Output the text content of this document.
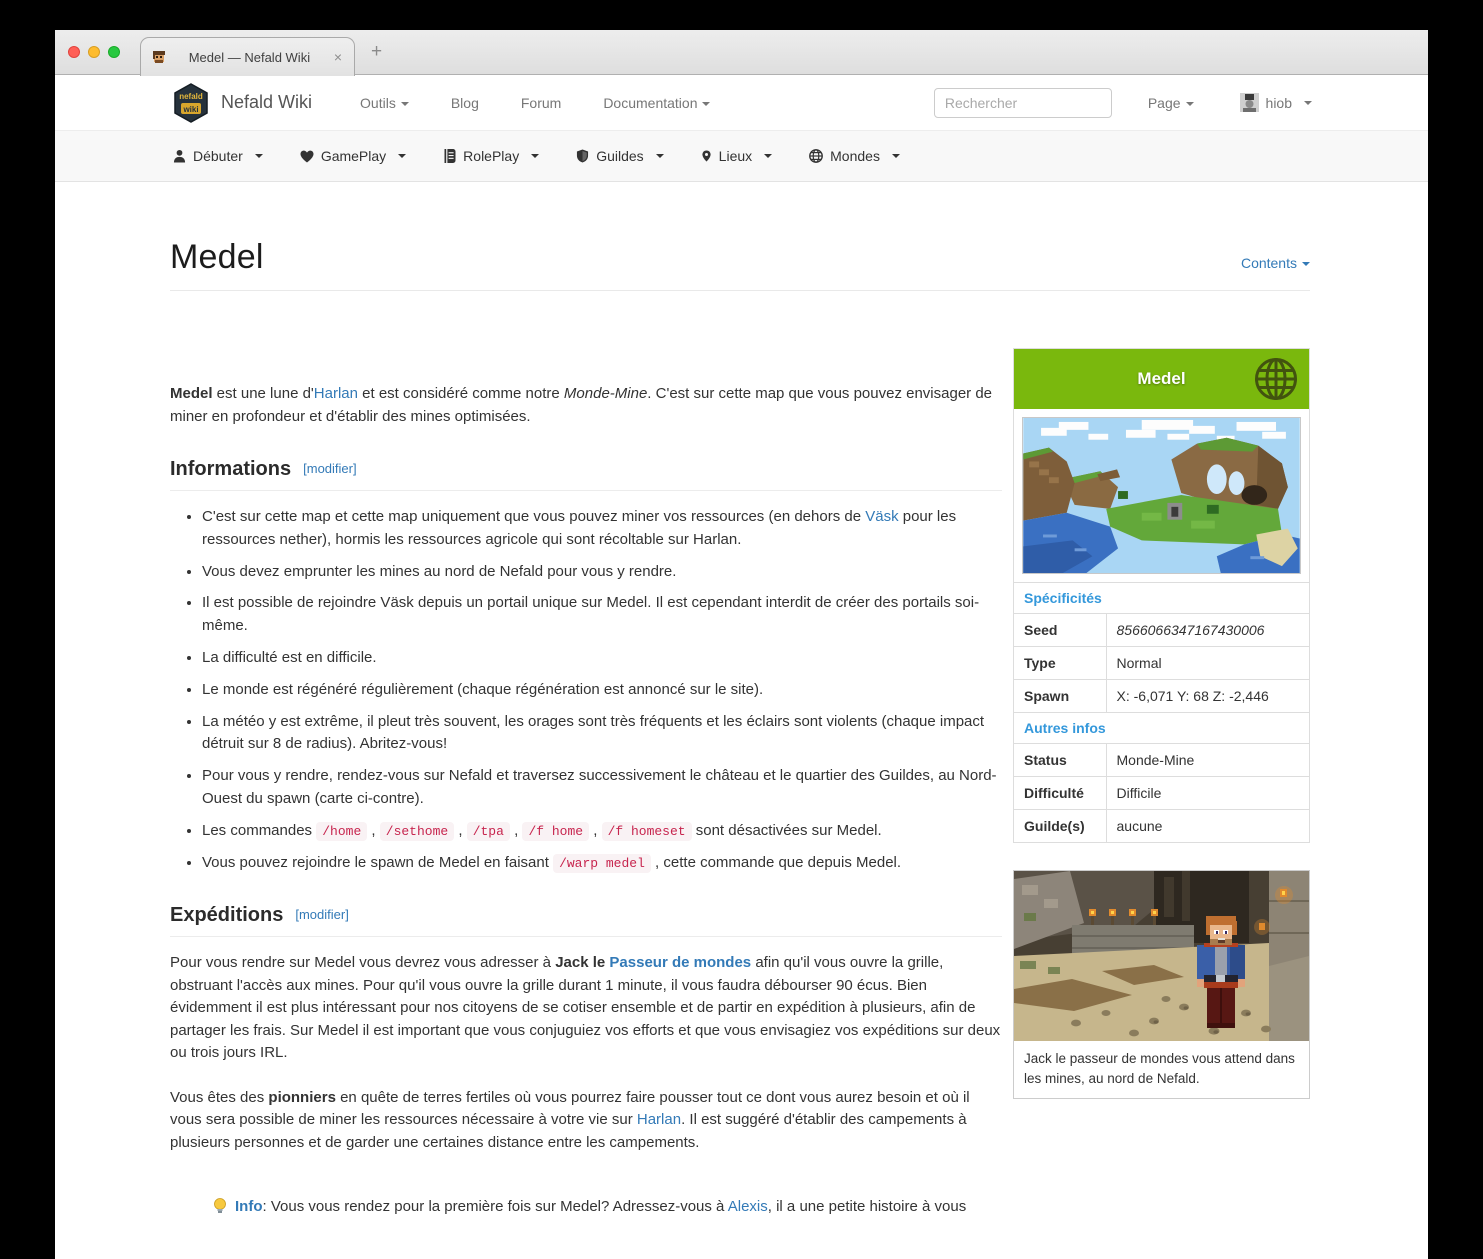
Medel — Nefald Wiki	× +
nefald
wiki Nefald Wiki	Outils	Blog	Forum	Documentation
Rechercher	Page	hiob
Débuter	GamePlay	RolePlay	Guildes	Lieux	Mondes
Medel	Contents

Medel est une lune d'Harlan et est considéré comme notre Monde-Mine. C'est sur cette map que vous pouvez envisager de miner en profondeur et d'établir des mines optimisées.

Informations [modifier]
• C'est sur cette map et cette map uniquement que vous pouvez miner vos ressources (en dehors de Väsk pour les ressources nether), hormis les ressources agricole qui sont récoltable sur Harlan.
• Vous devez emprunter les mines au nord de Nefald pour vous y rendre.
• Il est possible de rejoindre Väsk depuis un portail unique sur Medel. Il est cependant interdit de créer des portails soi-même.
• La difficulté est en difficile.
• Le monde est régénéré régulièrement (chaque régénération est annoncé sur le site).
• La météo y est extrême, il pleut très souvent, les orages sont très fréquents et les éclairs sont violents (chaque impact détruit sur 8 de radius). Abritez-vous!
• Pour vous y rendre, rendez-vous sur Nefald et traversez successivement le château et le quartier des Guildes, au Nord-Ouest du spawn (carte ci-contre).
• Les commandes /home , /sethome , /tpa , /f home , /f homeset sont désactivées sur Medel.
• Vous pouvez rejoindre le spawn de Medel en faisant /warp medel , cette commande que depuis Medel.
Expéditions [modifier]

Pour vous rendre sur Medel vous devrez vous adresser à Jack le Passeur de mondes afin qu'il vous ouvre la grille, obstruant l'accès aux mines. Pour qu'il vous ouvre la grille durant 1 minute, il vous faudra débourser 90 écus. Bien évidemment il est plus intéressant pour nos citoyens de se cotiser ensemble et de partir en expédition à plusieurs, afin de partager les frais. Sur Medel il est important que vous conjuguiez vos efforts et que vous envisagiez vos expéditions sur deux ou trois jours IRL.

Vous êtes des pionniers en quête de terres fertiles où vous pourrez faire pousser tout ce dont vous aurez besoin et où il vous sera possible de miner les ressources nécessaire à votre vie sur Harlan. Il est suggéré d'établir des campements à plusieurs personnes et de garder une certaines distance entre les campements.

Info: Vous vous rendez pour la première fois sur Medel? Adressez-vous à Alexis, il a une petite histoire à vous
Medel
Spécificités	
Seed	8566066347167430006
Type	Normal
Spawn	X: -6,071 Y: 68 Z: -2,446
Autres infos	
Status	Monde-Mine
Difficulté	Difficile
Guilde(s)	aucune
Jack le passeur de mondes vous attend dans les mines, au nord de Nefald.
